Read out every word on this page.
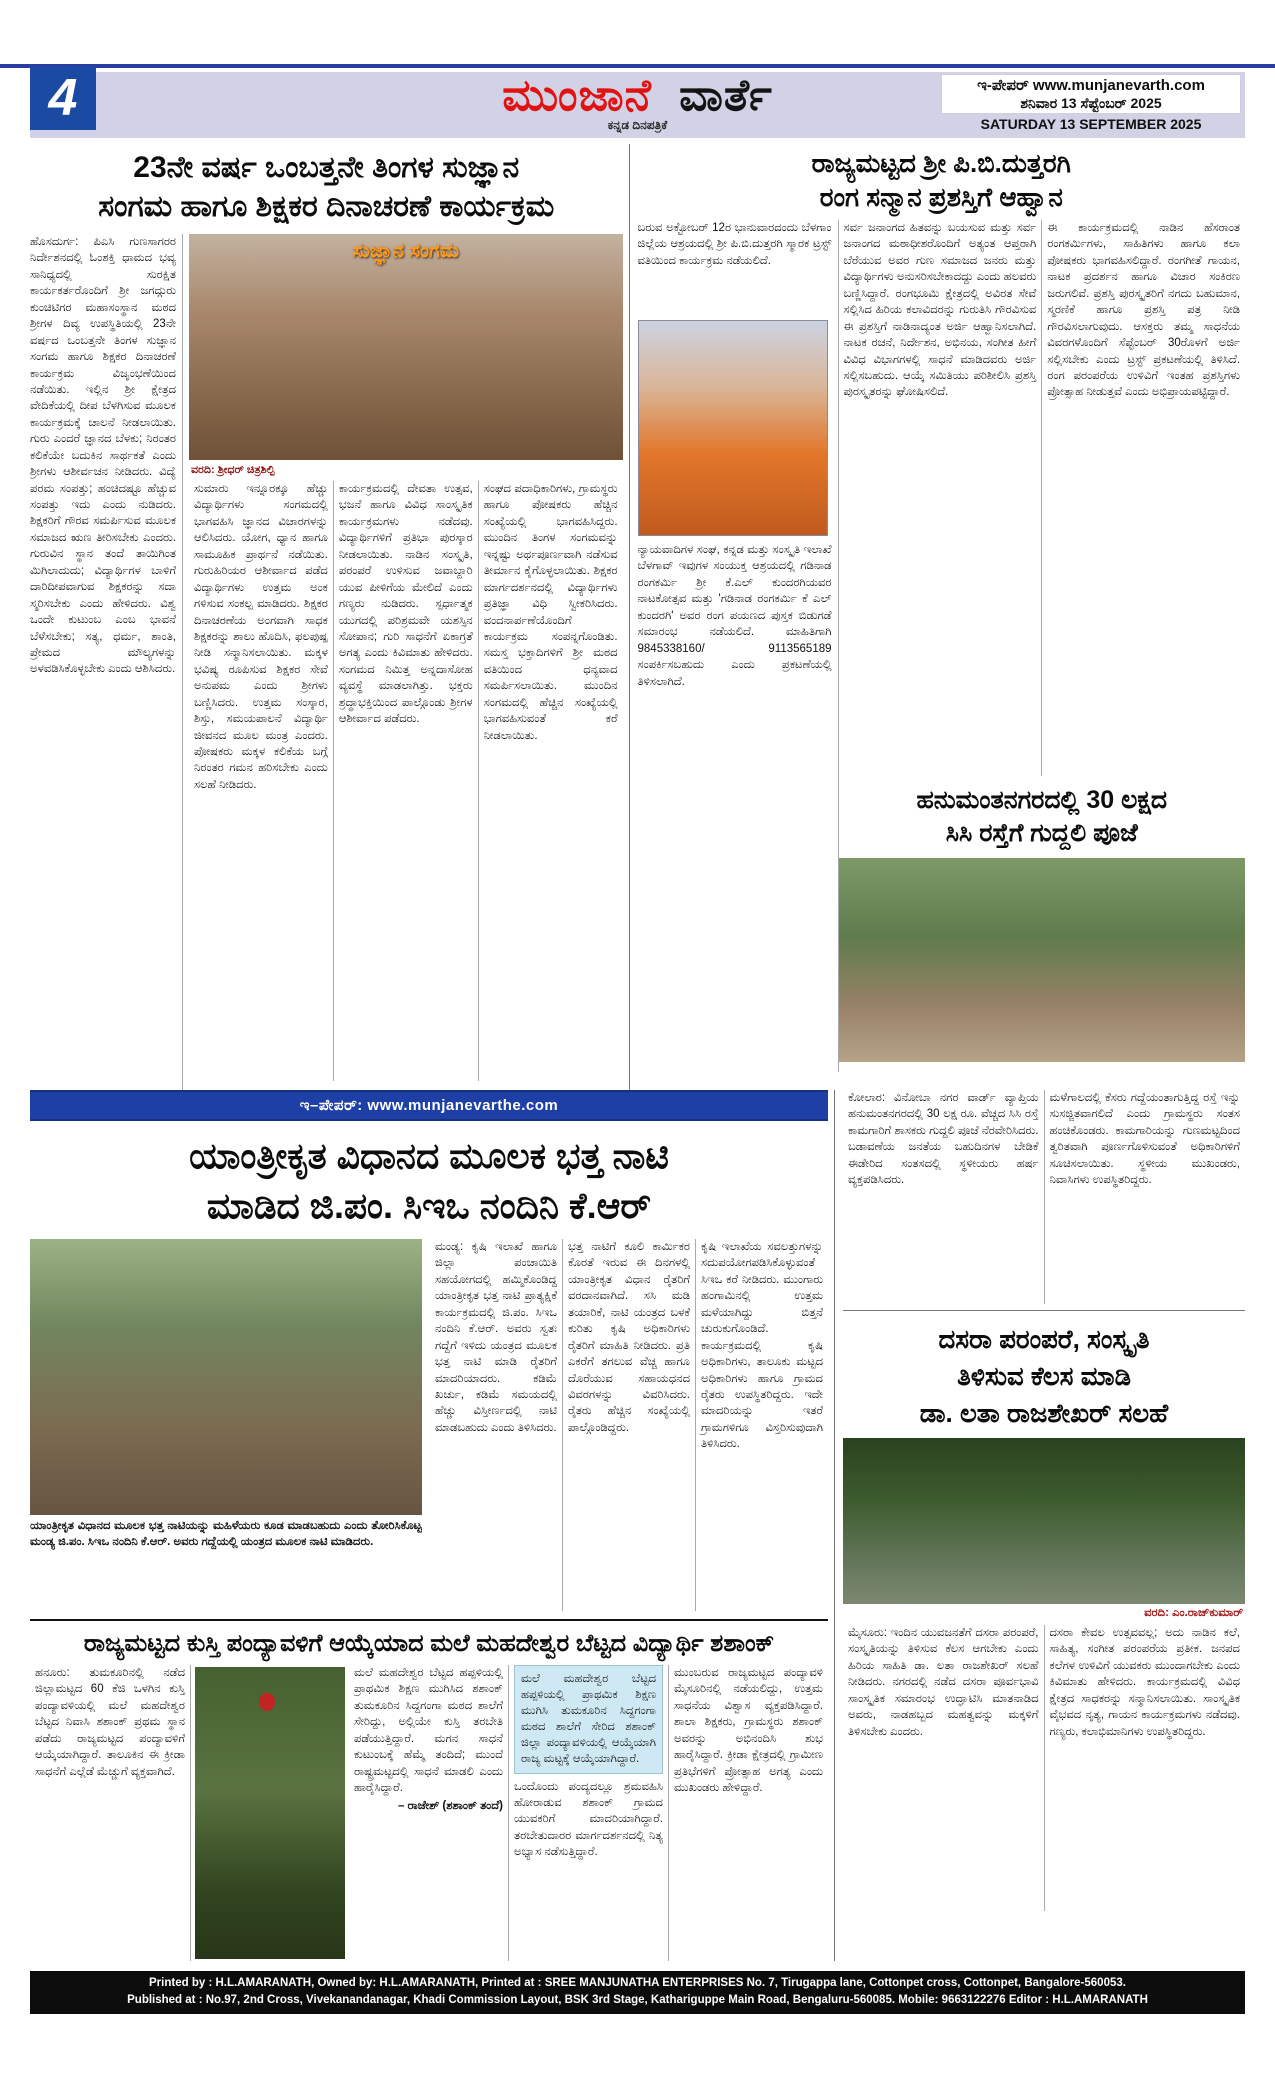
4	ಮುಂಜಾನೆ ವಾರ್ತೆ
ಕನ್ನಡ ದಿನಪತ್ರಿಕೆ
ಇ-ಪೇಪರ್ www.munjanevarth.com
ಶನಿವಾರ 13 ಸೆಪ್ಟೆಂಬರ್ 2025
SATURDAY 13 SEPTEMBER 2025
23ನೇ ವರ್ಷ ಒಂಬತ್ತನೇ ತಿಂಗಳ ಸುಜ್ಞಾನ
ಸಂಗಮ ಹಾಗೂ ಶಿಕ್ಷಕರ ದಿನಾಚರಣೆ ಕಾರ್ಯಕ್ರಮ
ಹೊಸದುರ್ಗ: ಪಿಎಸಿ ಗುಣಸಾಗರರ ನಿರ್ದೇಶನದಲ್ಲಿ ಓಂಶಕ್ತಿ ಧಾಮದ ಭವ್ಯ ಸಾನಿಧ್ಯದಲ್ಲಿ ಸುರಕ್ಷಿತ ಕಾರ್ಯಕರ್ತರೊಂದಿಗೆ ಶ್ರೀ ಜಗದ್ಗುರು ಕುಂಚಿಟಿಗರ ಮಹಾಸಂಸ್ಥಾನ ಮಠದ ಶ್ರೀಗಳ ದಿವ್ಯ ಉಪಸ್ಥಿತಿಯಲ್ಲಿ 23ನೇ ವರ್ಷದ ಒಂಬತ್ತನೇ ತಿಂಗಳ ಸುಜ್ಞಾನ ಸಂಗಮ ಹಾಗೂ ಶಿಕ್ಷಕರ ದಿನಾಚರಣೆ ಕಾರ್ಯಕ್ರಮ ವಿಜೃಂಭಣೆಯಿಂದ ನಡೆಯಿತು. ಇಲ್ಲಿನ ಶ್ರೀ ಕ್ಷೇತ್ರದ ವೇದಿಕೆಯಲ್ಲಿ ದೀಪ ಬೆಳಗಿಸುವ ಮೂಲಕ ಕಾರ್ಯಕ್ರಮಕ್ಕೆ ಚಾಲನೆ ನೀಡಲಾಯಿತು. ಗುರು ಎಂದರೆ ಜ್ಞಾನದ ಬೆಳಕು; ನಿರಂತರ ಕಲಿಕೆಯೇ ಬದುಕಿನ ಸಾರ್ಥಕತೆ ಎಂದು ಶ್ರೀಗಳು ಆಶೀರ್ವಚನ ನೀಡಿದರು. ವಿದ್ಯೆ ಪರಮ ಸಂಪತ್ತು; ಹಂಚಿದಷ್ಟೂ ಹೆಚ್ಚುವ ಸಂಪತ್ತು ಇದು ಎಂದು ನುಡಿದರು. ಶಿಕ್ಷಕರಿಗೆ ಗೌರವ ಸಮರ್ಪಿಸುವ ಮೂಲಕ ಸಮಾಜದ ಋಣ ತೀರಿಸಬೇಕು ಎಂದರು. ಗುರುವಿನ ಸ್ಥಾನ ತಂದೆ ತಾಯಿಗಿಂತ ಮಿಗಿಲಾದುದು; ವಿದ್ಯಾರ್ಥಿಗಳ ಬಾಳಿಗೆ ದಾರಿದೀಪವಾಗುವ ಶಿಕ್ಷಕರನ್ನು ಸದಾ ಸ್ಮರಿಸಬೇಕು ಎಂದು ಹೇಳಿದರು. ವಿಶ್ವ ಒಂದೇ ಕುಟುಂಬ ಎಂಬ ಭಾವನೆ ಬೆಳೆಸಬೇಕು; ಸತ್ಯ, ಧರ್ಮ, ಶಾಂತಿ, ಪ್ರೇಮದ ಮೌಲ್ಯಗಳನ್ನು ಅಳವಡಿಸಿಕೊಳ್ಳಬೇಕು ಎಂದು ಆಶಿಸಿದರು.
ಸುಜ್ಞಾನ ಸಂಗಮ
ವರದಿ: ಶ್ರೀಧರ್ ಚಿತ್ರಶಿಲ್ಪಿ
ಸುಮಾರು ಇನ್ನೂರಕ್ಕೂ ಹೆಚ್ಚು ವಿದ್ಯಾರ್ಥಿಗಳು ಸಂಗಮದಲ್ಲಿ ಭಾಗವಹಿಸಿ ಜ್ಞಾನದ ವಿಚಾರಗಳನ್ನು ಆಲಿಸಿದರು. ಯೋಗ, ಧ್ಯಾನ ಹಾಗೂ ಸಾಮೂಹಿಕ ಪ್ರಾರ್ಥನೆ ನಡೆಯಿತು. ಗುರುಹಿರಿಯರ ಆಶೀರ್ವಾದ ಪಡೆದ ವಿದ್ಯಾರ್ಥಿಗಳು ಉತ್ತಮ ಅಂಕ ಗಳಿಸುವ ಸಂಕಲ್ಪ ಮಾಡಿದರು. ಶಿಕ್ಷಕರ ದಿನಾಚರಣೆಯ ಅಂಗವಾಗಿ ಸಾಧಕ ಶಿಕ್ಷಕರನ್ನು ಶಾಲು ಹೊದಿಸಿ, ಫಲಪುಷ್ಪ ನೀಡಿ ಸನ್ಮಾನಿಸಲಾಯಿತು. ಮಕ್ಕಳ ಭವಿಷ್ಯ ರೂಪಿಸುವ ಶಿಕ್ಷಕರ ಸೇವೆ ಅನುಪಮ ಎಂದು ಶ್ರೀಗಳು ಬಣ್ಣಿಸಿದರು. ಉತ್ತಮ ಸಂಸ್ಕಾರ, ಶಿಸ್ತು, ಸಮಯಪಾಲನೆ ವಿದ್ಯಾರ್ಥಿ ಜೀವನದ ಮೂಲ ಮಂತ್ರ ಎಂದರು. ಪೋಷಕರು ಮಕ್ಕಳ ಕಲಿಕೆಯ ಬಗ್ಗೆ ನಿರಂತರ ಗಮನ ಹರಿಸಬೇಕು ಎಂದು ಸಲಹೆ ನೀಡಿದರು.
ಕಾರ್ಯಕ್ರಮದಲ್ಲಿ ದೇವತಾ ಉತ್ಸವ, ಭಜನೆ ಹಾಗೂ ವಿವಿಧ ಸಾಂಸ್ಕೃತಿಕ ಕಾರ್ಯಕ್ರಮಗಳು ನಡೆದವು. ವಿದ್ಯಾರ್ಥಿಗಳಿಗೆ ಪ್ರತಿಭಾ ಪುರಸ್ಕಾರ ನೀಡಲಾಯಿತು. ನಾಡಿನ ಸಂಸ್ಕೃತಿ, ಪರಂಪರೆ ಉಳಿಸುವ ಜವಾಬ್ದಾರಿ ಯುವ ಪೀಳಿಗೆಯ ಮೇಲಿದೆ ಎಂದು ಗಣ್ಯರು ನುಡಿದರು. ಸ್ಪರ್ಧಾತ್ಮಕ ಯುಗದಲ್ಲಿ ಪರಿಶ್ರಮವೇ ಯಶಸ್ಸಿನ ಸೋಪಾನ; ಗುರಿ ಸಾಧನೆಗೆ ಏಕಾಗ್ರತೆ ಅಗತ್ಯ ಎಂದು ಕಿವಿಮಾತು ಹೇಳಿದರು. ಸಂಗಮದ ನಿಮಿತ್ತ ಅನ್ನದಾಸೋಹ ವ್ಯವಸ್ಥೆ ಮಾಡಲಾಗಿತ್ತು. ಭಕ್ತರು ಶ್ರದ್ಧಾಭಕ್ತಿಯಿಂದ ಪಾಲ್ಗೊಂಡು ಶ್ರೀಗಳ ಆಶೀರ್ವಾದ ಪಡೆದರು.
ಸಂಘದ ಪದಾಧಿಕಾರಿಗಳು, ಗ್ರಾಮಸ್ಥರು ಹಾಗೂ ಪೋಷಕರು ಹೆಚ್ಚಿನ ಸಂಖ್ಯೆಯಲ್ಲಿ ಭಾಗವಹಿಸಿದ್ದರು. ಮುಂದಿನ ತಿಂಗಳ ಸಂಗಮವನ್ನು ಇನ್ನಷ್ಟು ಅರ್ಥಪೂರ್ಣವಾಗಿ ನಡೆಸುವ ತೀರ್ಮಾನ ಕೈಗೊಳ್ಳಲಾಯಿತು. ಶಿಕ್ಷಕರ ಮಾರ್ಗದರ್ಶನದಲ್ಲಿ ವಿದ್ಯಾರ್ಥಿಗಳು ಪ್ರತಿಜ್ಞಾ ವಿಧಿ ಸ್ವೀಕರಿಸಿದರು. ವಂದನಾರ್ಪಣೆಯೊಂದಿಗೆ ಕಾರ್ಯಕ್ರಮ ಸಂಪನ್ನಗೊಂಡಿತು. ಸಮಸ್ತ ಭಕ್ತಾದಿಗಳಿಗೆ ಶ್ರೀ ಮಠದ ವತಿಯಿಂದ ಧನ್ಯವಾದ ಸಮರ್ಪಿಸಲಾಯಿತು. ಮುಂದಿನ ಸಂಗಮದಲ್ಲಿ ಹೆಚ್ಚಿನ ಸಂಖ್ಯೆಯಲ್ಲಿ ಭಾಗವಹಿಸುವಂತೆ ಕರೆ ನೀಡಲಾಯಿತು.
ರಾಜ್ಯಮಟ್ಟದ ಶ್ರೀ ಪಿ.ಬಿ.ದುತ್ತರಗಿ
ರಂಗ ಸನ್ಮಾನ ಪ್ರಶಸ್ತಿಗೆ ಆಹ್ವಾನ
ಬರುವ ಅಕ್ಟೋಬರ್ 12ರ ಭಾನುವಾರದಂದು ಬೆಳಗಾಂ ಜಿಲ್ಲೆಯ ಆಶ್ರಯದಲ್ಲಿ ಶ್ರೀ ಪಿ.ಬಿ.ದುತ್ತರಗಿ ಸ್ಮಾರಕ ಟ್ರಸ್ಟ್ ವತಿಯಿಂದ ಕಾರ್ಯಕ್ರಮ ನಡೆಯಲಿದೆ.
ನ್ಯಾಯವಾದಿಗಳ ಸಂಘ, ಕನ್ನಡ ಮತ್ತು ಸಂಸ್ಕೃತಿ ಇಲಾಖೆ ಬೆಳಗಾವ್ ಇವುಗಳ ಸಂಯುಕ್ತ ಆಶ್ರಯದಲ್ಲಿ ಗಡಿನಾಡ ರಂಗಕರ್ಮಿ ಶ್ರೀ ಕೆ.ಎಲ್ ಕುಂದರಗಿಯವರ ನಾಟಕೋತ್ಸವ ಮತ್ತು 'ಗಡಿನಾಡ ರಂಗಕರ್ಮಿ ಕೆ ಎಲ್ ಕುಂದರಗಿ' ಅವರ ರಂಗ ಪಯಣದ ಪುಸ್ತಕ ಬಿಡುಗಡೆ ಸಮಾರಂಭ ನಡೆಯಲಿದೆ. ಮಾಹಿತಿಗಾಗಿ 9845338160/ 9113565189 ಸಂಪರ್ಕಿಸಬಹುದು ಎಂದು ಪ್ರಕಟಣೆಯಲ್ಲಿ ತಿಳಿಸಲಾಗಿದೆ.
ಸರ್ವ ಜನಾಂಗದ ಹಿತವನ್ನು ಬಯಸುವ ಮತ್ತು ಸರ್ವ ಜನಾಂಗದ ಮಠಾಧೀಶರೊಂದಿಗೆ ಅತ್ಯಂತ ಆಪ್ತರಾಗಿ ಬೆರೆಯುವ ಅವರ ಗುಣ ಸಮಾಜದ ಜನರು ಮತ್ತು ವಿದ್ಯಾರ್ಥಿಗಳು ಅನುಸರಿಸಬೇಕಾದದ್ದು ಎಂದು ಹಲವರು ಬಣ್ಣಿಸಿದ್ದಾರೆ. ರಂಗಭೂಮಿ ಕ್ಷೇತ್ರದಲ್ಲಿ ಅವಿರತ ಸೇವೆ ಸಲ್ಲಿಸಿದ ಹಿರಿಯ ಕಲಾವಿದರನ್ನು ಗುರುತಿಸಿ ಗೌರವಿಸುವ ಈ ಪ್ರಶಸ್ತಿಗೆ ನಾಡಿನಾದ್ಯಂತ ಅರ್ಜಿ ಆಹ್ವಾನಿಸಲಾಗಿದೆ. ನಾಟಕ ರಚನೆ, ನಿರ್ದೇಶನ, ಅಭಿನಯ, ಸಂಗೀತ ಹೀಗೆ ವಿವಿಧ ವಿಭಾಗಗಳಲ್ಲಿ ಸಾಧನೆ ಮಾಡಿದವರು ಅರ್ಜಿ ಸಲ್ಲಿಸಬಹುದು. ಆಯ್ಕೆ ಸಮಿತಿಯು ಪರಿಶೀಲಿಸಿ ಪ್ರಶಸ್ತಿ ಪುರಸ್ಕೃತರನ್ನು ಘೋಷಿಸಲಿದೆ.
ಈ ಕಾರ್ಯಕ್ರಮದಲ್ಲಿ ನಾಡಿನ ಹೆಸರಾಂತ ರಂಗಕರ್ಮಿಗಳು, ಸಾಹಿತಿಗಳು ಹಾಗೂ ಕಲಾ ಪೋಷಕರು ಭಾಗವಹಿಸಲಿದ್ದಾರೆ. ರಂಗಗೀತೆ ಗಾಯನ, ನಾಟಕ ಪ್ರದರ್ಶನ ಹಾಗೂ ವಿಚಾರ ಸಂಕಿರಣ ಜರುಗಲಿವೆ. ಪ್ರಶಸ್ತಿ ಪುರಸ್ಕೃತರಿಗೆ ನಗದು ಬಹುಮಾನ, ಸ್ಮರಣಿಕೆ ಹಾಗೂ ಪ್ರಶಸ್ತಿ ಪತ್ರ ನೀಡಿ ಗೌರವಿಸಲಾಗುವುದು. ಆಸಕ್ತರು ತಮ್ಮ ಸಾಧನೆಯ ವಿವರಗಳೊಂದಿಗೆ ಸೆಪ್ಟೆಂಬರ್ 30ರೊಳಗೆ ಅರ್ಜಿ ಸಲ್ಲಿಸಬೇಕು ಎಂದು ಟ್ರಸ್ಟ್ ಪ್ರಕಟಣೆಯಲ್ಲಿ ತಿಳಿಸಿದೆ. ರಂಗ ಪರಂಪರೆಯ ಉಳಿವಿಗೆ ಇಂತಹ ಪ್ರಶಸ್ತಿಗಳು ಪ್ರೋತ್ಸಾಹ ನೀಡುತ್ತವೆ ಎಂದು ಅಭಿಪ್ರಾಯಪಟ್ಟಿದ್ದಾರೆ.
ಹನುಮಂತನಗರದಲ್ಲಿ 30 ಲಕ್ಷದ
ಸಿಸಿ ರಸ್ತೆಗೆ ಗುದ್ದಲಿ ಪೂಜೆ
ಇ–ಪೇಪರ್: www.munjanevarthe.com
ಯಾಂತ್ರೀಕೃತ ವಿಧಾನದ ಮೂಲಕ ಭತ್ತ ನಾಟಿ
ಮಾಡಿದ ಜಿ.ಪಂ. ಸಿಇಒ ನಂದಿನಿ ಕೆ.ಆರ್
ಯಾಂತ್ರೀಕೃತ ವಿಧಾನದ ಮೂಲಕ ಭತ್ತ ನಾಟಿಯನ್ನು ಮಹಿಳೆಯರು ಕೂಡ ಮಾಡಬಹುದು ಎಂದು ತೋರಿಸಿಕೊಟ್ಟ ಮಂಡ್ಯ ಜಿ.ಪಂ. ಸಿಇಒ ನಂದಿನಿ ಕೆ.ಆರ್. ಅವರು ಗದ್ದೆಯಲ್ಲಿ ಯಂತ್ರದ ಮೂಲಕ ನಾಟಿ ಮಾಡಿದರು.
ಮಂಡ್ಯ: ಕೃಷಿ ಇಲಾಖೆ ಹಾಗೂ ಜಿಲ್ಲಾ ಪಂಚಾಯಿತಿ ಸಹಯೋಗದಲ್ಲಿ ಹಮ್ಮಿಕೊಂಡಿದ್ದ ಯಾಂತ್ರೀಕೃತ ಭತ್ತ ನಾಟಿ ಪ್ರಾತ್ಯಕ್ಷಿಕೆ ಕಾರ್ಯಕ್ರಮದಲ್ಲಿ ಜಿ.ಪಂ. ಸಿಇಒ ನಂದಿನಿ ಕೆ.ಆರ್. ಅವರು ಸ್ವತಃ ಗದ್ದೆಗೆ ಇಳಿದು ಯಂತ್ರದ ಮೂಲಕ ಭತ್ತ ನಾಟಿ ಮಾಡಿ ರೈತರಿಗೆ ಮಾದರಿಯಾದರು. ಕಡಿಮೆ ಖರ್ಚು, ಕಡಿಮೆ ಸಮಯದಲ್ಲಿ ಹೆಚ್ಚು ವಿಸ್ತೀರ್ಣದಲ್ಲಿ ನಾಟಿ ಮಾಡಬಹುದು ಎಂದು ತಿಳಿಸಿದರು.
ಭತ್ತ ನಾಟಿಗೆ ಕೂಲಿ ಕಾರ್ಮಿಕರ ಕೊರತೆ ಇರುವ ಈ ದಿನಗಳಲ್ಲಿ ಯಾಂತ್ರೀಕೃತ ವಿಧಾನ ರೈತರಿಗೆ ವರದಾನವಾಗಿದೆ. ಸಸಿ ಮಡಿ ತಯಾರಿಕೆ, ನಾಟಿ ಯಂತ್ರದ ಬಳಕೆ ಕುರಿತು ಕೃಷಿ ಅಧಿಕಾರಿಗಳು ರೈತರಿಗೆ ಮಾಹಿತಿ ನೀಡಿದರು. ಪ್ರತಿ ಎಕರೆಗೆ ತಗಲುವ ವೆಚ್ಚ ಹಾಗೂ ದೊರೆಯುವ ಸಹಾಯಧನದ ವಿವರಗಳನ್ನು ವಿವರಿಸಿದರು. ರೈತರು ಹೆಚ್ಚಿನ ಸಂಖ್ಯೆಯಲ್ಲಿ ಪಾಲ್ಗೊಂಡಿದ್ದರು.
ಕೃಷಿ ಇಲಾಖೆಯ ಸವಲತ್ತುಗಳನ್ನು ಸದುಪಯೋಗಪಡಿಸಿಕೊಳ್ಳುವಂತೆ ಸಿಇಒ ಕರೆ ನೀಡಿದರು. ಮುಂಗಾರು ಹಂಗಾಮಿನಲ್ಲಿ ಉತ್ತಮ ಮಳೆಯಾಗಿದ್ದು ಬಿತ್ತನೆ ಚುರುಕುಗೊಂಡಿದೆ. ಕಾರ್ಯಕ್ರಮದಲ್ಲಿ ಕೃಷಿ ಅಧಿಕಾರಿಗಳು, ತಾಲೂಕು ಮಟ್ಟದ ಅಧಿಕಾರಿಗಳು ಹಾಗೂ ಗ್ರಾಮದ ರೈತರು ಉಪಸ್ಥಿತರಿದ್ದರು. ಇದೇ ಮಾದರಿಯನ್ನು ಇತರೆ ಗ್ರಾಮಗಳಿಗೂ ವಿಸ್ತರಿಸುವುದಾಗಿ ತಿಳಿಸಿದರು.
ರಾಜ್ಯಮಟ್ಟದ ಕುಸ್ತಿ ಪಂದ್ಯಾವಳಿಗೆ ಆಯ್ಕೆಯಾದ ಮಲೆ ಮಹದೇಶ್ವರ ಬೆಟ್ಟದ ವಿದ್ಯಾರ್ಥಿ ಶಶಾಂಕ್
ಹನೂರು: ತುಮಕೂರಿನಲ್ಲಿ ನಡೆದ ಜಿಲ್ಲಾಮಟ್ಟದ 60 ಕೆಜಿ ಒಳಗಿನ ಕುಸ್ತಿ ಪಂದ್ಯಾವಳಿಯಲ್ಲಿ ಮಲೆ ಮಹದೇಶ್ವರ ಬೆಟ್ಟದ ನಿವಾಸಿ ಶಶಾಂಕ್ ಪ್ರಥಮ ಸ್ಥಾನ ಪಡೆದು ರಾಜ್ಯಮಟ್ಟದ ಪಂದ್ಯಾವಳಿಗೆ ಆಯ್ಕೆಯಾಗಿದ್ದಾರೆ. ತಾಲೂಕಿನ ಈ ಕ್ರೀಡಾ ಸಾಧನೆಗೆ ಎಲ್ಲೆಡೆ ಮೆಚ್ಚುಗೆ ವ್ಯಕ್ತವಾಗಿದೆ.
ಮಲೆ ಮಹದೇಶ್ವರ ಬೆಟ್ಟದ ಹಪ್ಪಳಿಯಲ್ಲಿ ಪ್ರಾಥಮಿಕ ಶಿಕ್ಷಣ ಮುಗಿಸಿದ ಶಶಾಂಕ್ ತುಮಕೂರಿನ ಸಿದ್ದಗಂಗಾ ಮಠದ ಶಾಲೆಗೆ ಸೇರಿದ್ದು, ಅಲ್ಲಿಯೇ ಕುಸ್ತಿ ತರಬೇತಿ ಪಡೆಯುತ್ತಿದ್ದಾರೆ. ಮಗನ ಸಾಧನೆ ಕುಟುಂಬಕ್ಕೆ ಹೆಮ್ಮೆ ತಂದಿದೆ; ಮುಂದೆ ರಾಷ್ಟ್ರಮಟ್ಟದಲ್ಲಿ ಸಾಧನೆ ಮಾಡಲಿ ಎಂದು ಹಾರೈಸಿದ್ದಾರೆ.
– ರಾಜೇಶ್ (ಶಶಾಂಕ್ ತಂದೆ)
ಮಲೆ ಮಹದೇಶ್ವರ ಬೆಟ್ಟದ ಹಪ್ಪಳಿಯಲ್ಲಿ ಪ್ರಾಥಮಿಕ ಶಿಕ್ಷಣ ಮುಗಿಸಿ ತುಮಕೂರಿನ ಸಿದ್ದಗಂಗಾ ಮಠದ ಶಾಲೆಗೆ ಸೇರಿದ ಶಶಾಂಕ್ ಜಿಲ್ಲಾ ಪಂದ್ಯಾವಳಿಯಲ್ಲಿ ಆಯ್ಕೆಯಾಗಿ ರಾಜ್ಯ ಮಟ್ಟಕ್ಕೆ ಆಯ್ಕೆಯಾಗಿದ್ದಾರೆ.
ಒಂದೊಂದು ಪಂದ್ಯದಲ್ಲೂ ಶ್ರಮವಹಿಸಿ ಹೋರಾಡುವ ಶಶಾಂಕ್ ಗ್ರಾಮದ ಯುವಕರಿಗೆ ಮಾದರಿಯಾಗಿದ್ದಾರೆ. ತರಬೇತುದಾರರ ಮಾರ್ಗದರ್ಶನದಲ್ಲಿ ನಿತ್ಯ ಅಭ್ಯಾಸ ನಡೆಸುತ್ತಿದ್ದಾರೆ.
ಮುಂಬರುವ ರಾಜ್ಯಮಟ್ಟದ ಪಂದ್ಯಾವಳಿ ಮೈಸೂರಿನಲ್ಲಿ ನಡೆಯಲಿದ್ದು, ಉತ್ತಮ ಸಾಧನೆಯ ವಿಶ್ವಾಸ ವ್ಯಕ್ತಪಡಿಸಿದ್ದಾರೆ. ಶಾಲಾ ಶಿಕ್ಷಕರು, ಗ್ರಾಮಸ್ಥರು ಶಶಾಂಕ್ ಅವರನ್ನು ಅಭಿನಂದಿಸಿ ಶುಭ ಹಾರೈಸಿದ್ದಾರೆ. ಕ್ರೀಡಾ ಕ್ಷೇತ್ರದಲ್ಲಿ ಗ್ರಾಮೀಣ ಪ್ರತಿಭೆಗಳಿಗೆ ಪ್ರೋತ್ಸಾಹ ಅಗತ್ಯ ಎಂದು ಮುಖಂಡರು ಹೇಳಿದ್ದಾರೆ.
ಕೋಲಾರ: ವಿನೋಬಾ ನಗರ ವಾರ್ಡ್ ವ್ಯಾಪ್ತಿಯ ಹನುಮಂತನಗರದಲ್ಲಿ 30 ಲಕ್ಷ ರೂ. ವೆಚ್ಚದ ಸಿಸಿ ರಸ್ತೆ ಕಾಮಗಾರಿಗೆ ಶಾಸಕರು ಗುದ್ದಲಿ ಪೂಜೆ ನೆರವೇರಿಸಿದರು. ಬಡಾವಣೆಯ ಜನತೆಯ ಬಹುದಿನಗಳ ಬೇಡಿಕೆ ಈಡೇರಿದ ಸಂತಸದಲ್ಲಿ ಸ್ಥಳೀಯರು ಹರ್ಷ ವ್ಯಕ್ತಪಡಿಸಿದರು.
ಮಳೆಗಾಲದಲ್ಲಿ ಕೆಸರು ಗದ್ದೆಯಂತಾಗುತ್ತಿದ್ದ ರಸ್ತೆ ಇನ್ನು ಸುಸಜ್ಜಿತವಾಗಲಿದೆ ಎಂದು ಗ್ರಾಮಸ್ಥರು ಸಂತಸ ಹಂಚಿಕೊಂಡರು. ಕಾಮಗಾರಿಯನ್ನು ಗುಣಮಟ್ಟದಿಂದ ತ್ವರಿತವಾಗಿ ಪೂರ್ಣಗೊಳಿಸುವಂತೆ ಅಧಿಕಾರಿಗಳಿಗೆ ಸೂಚಿಸಲಾಯಿತು. ಸ್ಥಳೀಯ ಮುಖಂಡರು, ನಿವಾಸಿಗಳು ಉಪಸ್ಥಿತರಿದ್ದರು.
ದಸರಾ ಪರಂಪರೆ, ಸಂಸ್ಕೃತಿ
ತಿಳಿಸುವ ಕೆಲಸ ಮಾಡಿ
ಡಾ. ಲತಾ ರಾಜಶೇಖರ್ ಸಲಹೆ
ವರದಿ: ಎಂ.ರಾಜ್‌ಕುಮಾರ್
ಮೈಸೂರು: ಇಂದಿನ ಯುವಜನತೆಗೆ ದಸರಾ ಪರಂಪರೆ, ಸಂಸ್ಕೃತಿಯನ್ನು ತಿಳಿಸುವ ಕೆಲಸ ಆಗಬೇಕು ಎಂದು ಹಿರಿಯ ಸಾಹಿತಿ ಡಾ. ಲತಾ ರಾಜಶೇಖರ್ ಸಲಹೆ ನೀಡಿದರು. ನಗರದಲ್ಲಿ ನಡೆದ ದಸರಾ ಪೂರ್ವಭಾವಿ ಸಾಂಸ್ಕೃತಿಕ ಸಮಾರಂಭ ಉದ್ಘಾಟಿಸಿ ಮಾತನಾಡಿದ ಅವರು, ನಾಡಹಬ್ಬದ ಮಹತ್ವವನ್ನು ಮಕ್ಕಳಿಗೆ ತಿಳಿಸಬೇಕು ಎಂದರು.
ದಸರಾ ಕೇವಲ ಉತ್ಸವವಲ್ಲ; ಅದು ನಾಡಿನ ಕಲೆ, ಸಾಹಿತ್ಯ, ಸಂಗೀತ ಪರಂಪರೆಯ ಪ್ರತೀಕ. ಜನಪದ ಕಲೆಗಳ ಉಳಿವಿಗೆ ಯುವಕರು ಮುಂದಾಗಬೇಕು ಎಂದು ಕಿವಿಮಾತು ಹೇಳಿದರು. ಕಾರ್ಯಕ್ರಮದಲ್ಲಿ ವಿವಿಧ ಕ್ಷೇತ್ರದ ಸಾಧಕರನ್ನು ಸನ್ಮಾನಿಸಲಾಯಿತು. ಸಾಂಸ್ಕೃತಿಕ ವೈಭವದ ನೃತ್ಯ, ಗಾಯನ ಕಾರ್ಯಕ್ರಮಗಳು ನಡೆದವು. ಗಣ್ಯರು, ಕಲಾಭಿಮಾನಿಗಳು ಉಪಸ್ಥಿತರಿದ್ದರು.
Printed by : H.L.AMARANATH, Owned by: H.L.AMARANATH, Printed at : SREE MANJUNATHA ENTERPRISES No. 7, Tirugappa lane, Cottonpet cross, Cottonpet, Bangalore-560053.
Published at : No.97, 2nd Cross, Vivekanandanagar, Khadi Commission Layout, BSK 3rd Stage, Kathariguppe Main Road, Bengaluru-560085. Mobile: 9663122276 Editor : H.L.AMARANATH
